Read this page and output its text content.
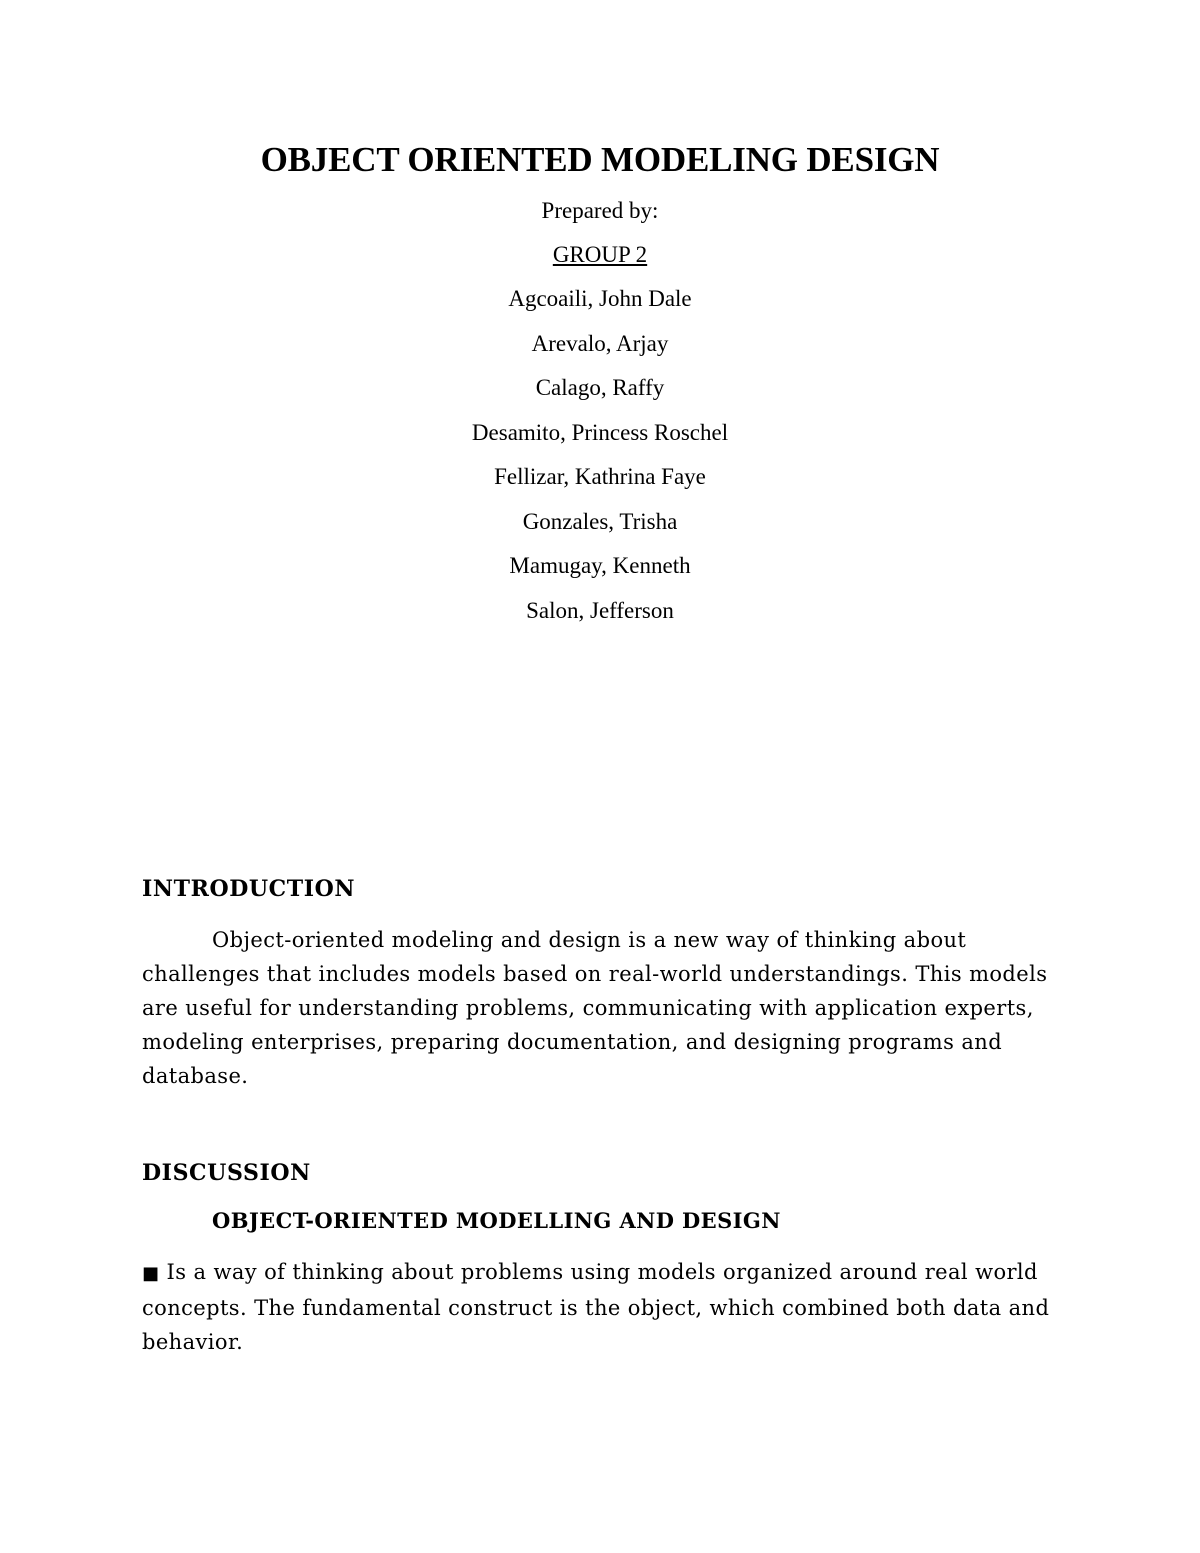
OBJECT ORIENTED MODELING DESIGN

Prepared by:

GROUP 2

Agcoaili, John Dale
Arevalo, Arjay
Calago, Raffy
Desamito, Princess Roschel
Fellizar, Kathrina Faye
Gonzales, Trisha
Mamugay, Kenneth
Salon, Jefferson
INTRODUCTION

Object-oriented modeling and design is a new way of thinking about challenges that includes models based on real-world understandings. This models are useful for understanding problems, communicating with application experts, modeling enterprises, preparing documentation, and designing programs and database.

DISCUSSION
OBJECT-ORIENTED MODELLING AND DESIGN

■ Is a way of thinking about problems using models organized around real world concepts. The fundamental construct is the object, which combined both data and behavior.
